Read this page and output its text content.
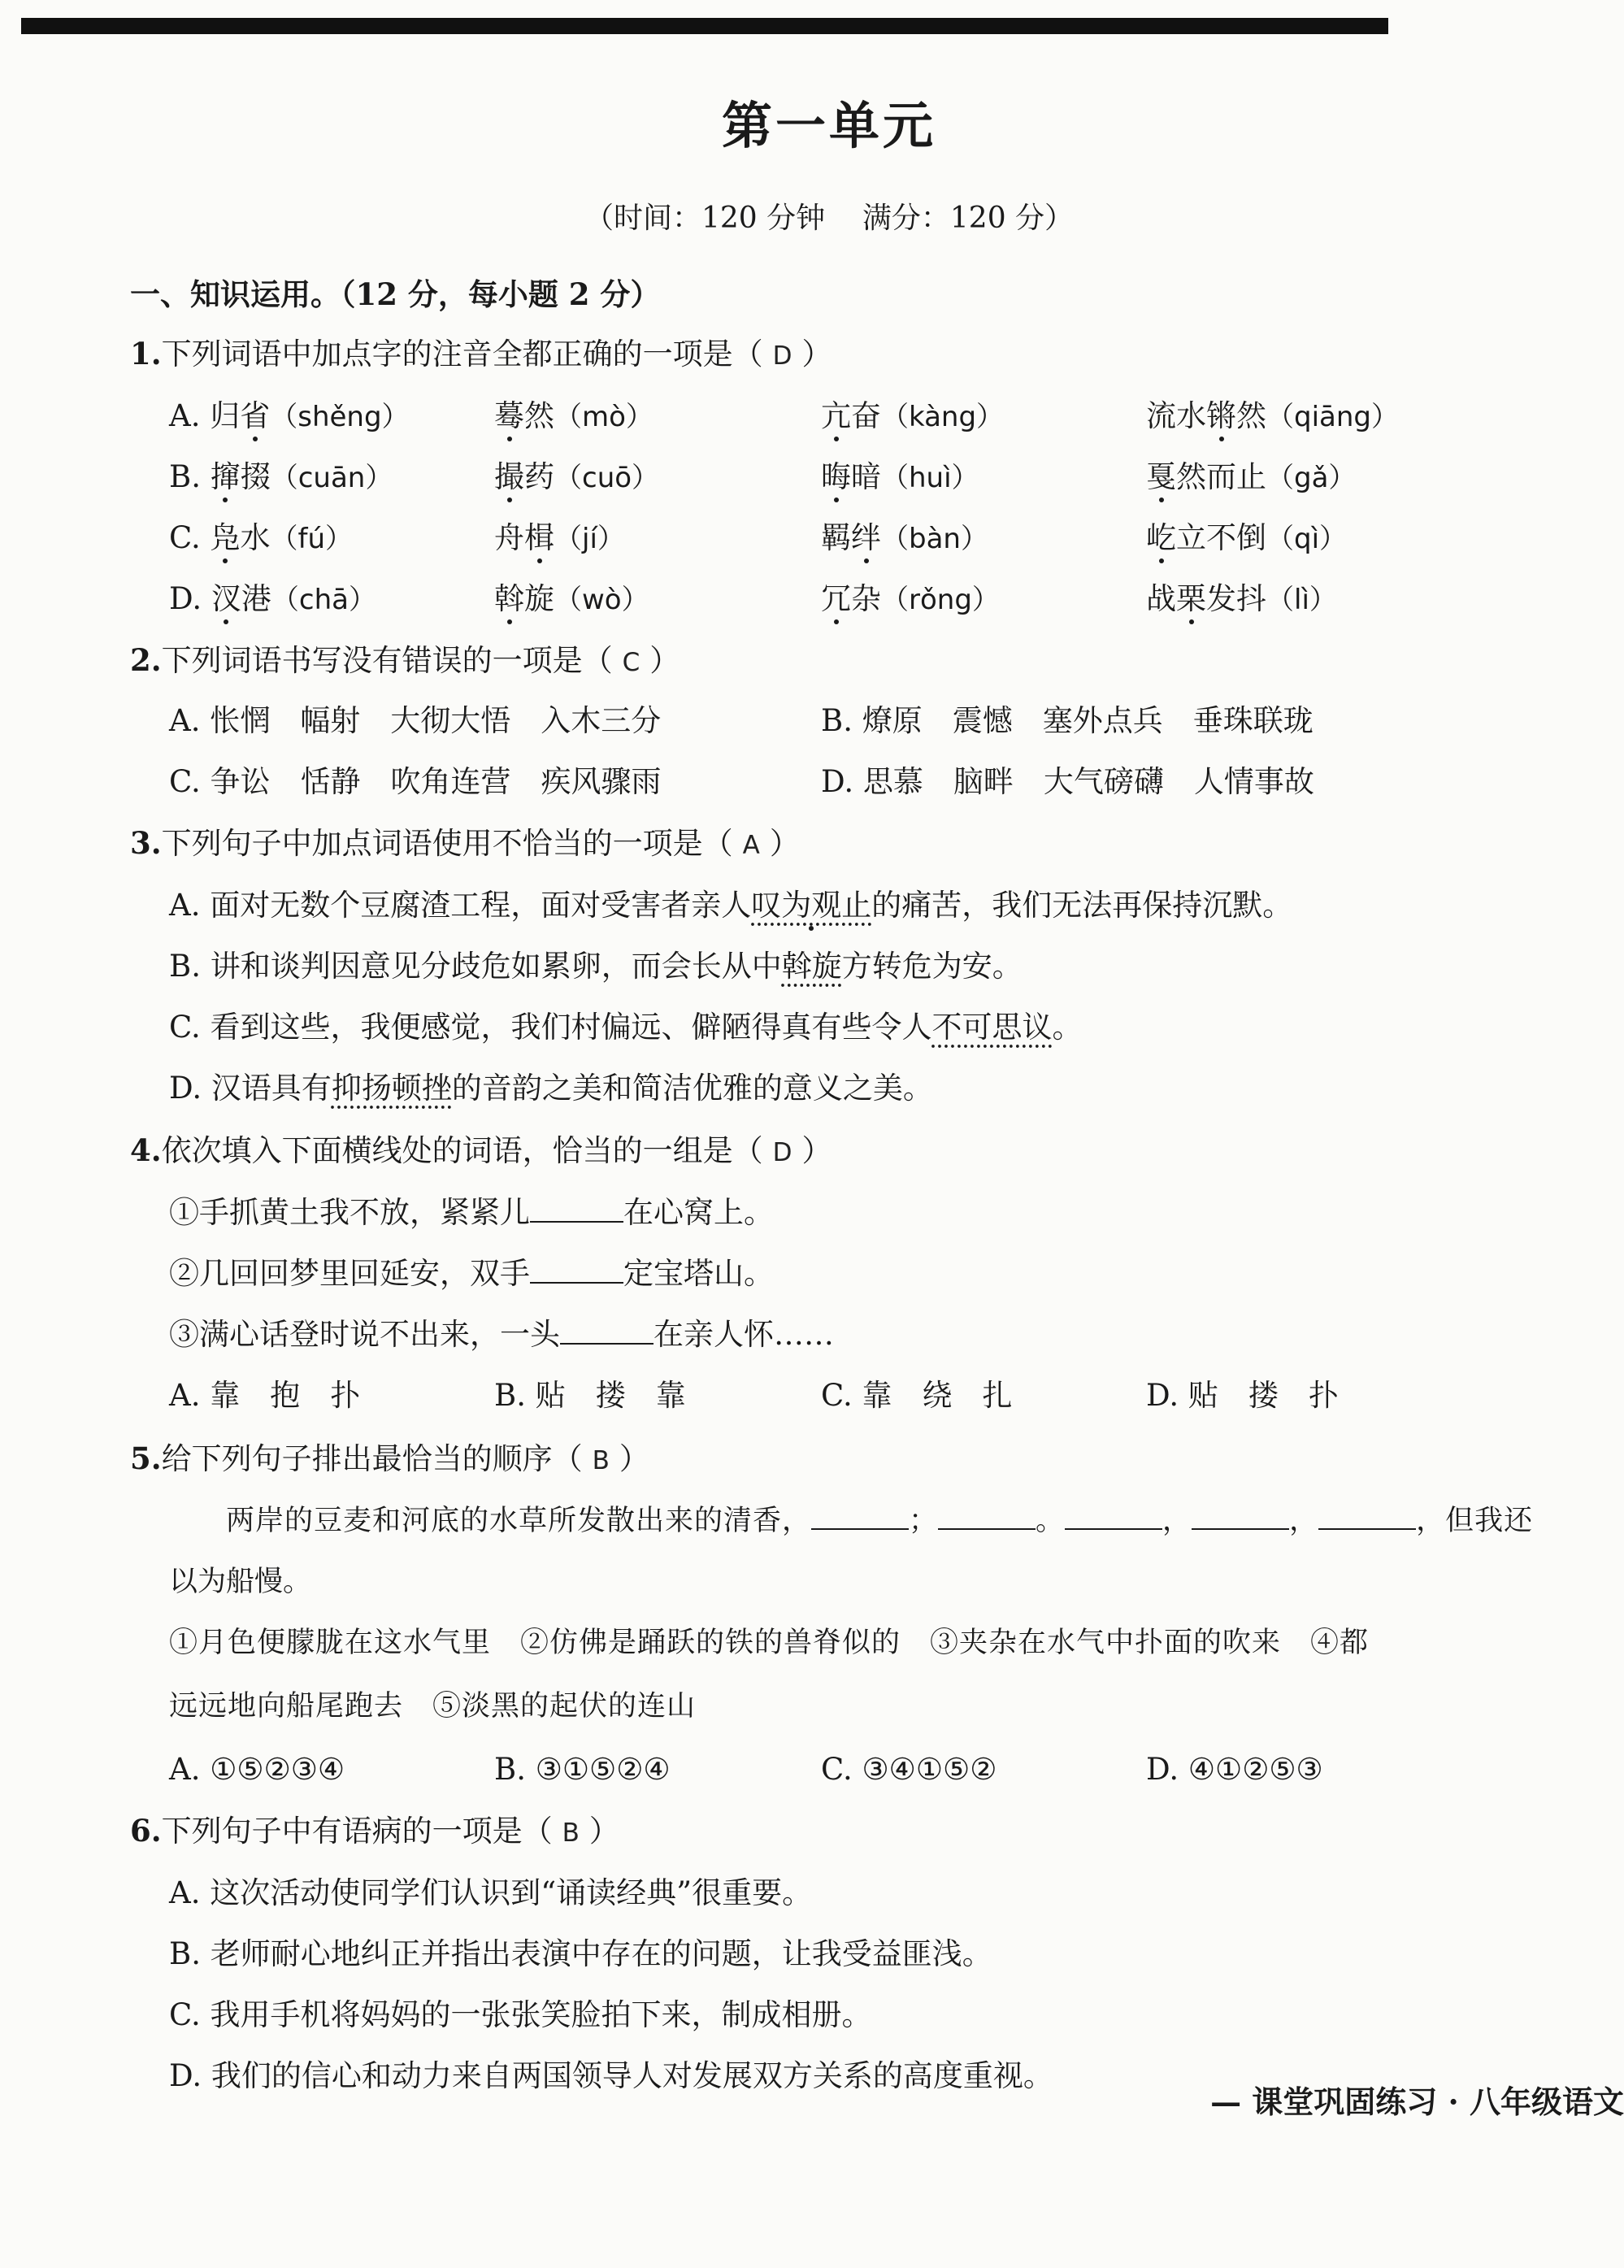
第一单元
（时间：120 分钟    满分：120 分）
一、知识运用。（12 分，每小题 2 分）
1.下列词语中加点字的注音全都正确的一项是（ D ）
A. 归省（shěng）	蓦然（mò）	亢奋（kàng）	流水锵然（qiāng）
B. 撺掇（cuān）	撮药（cuō）	晦暗（huì）	戛然而止（gǎ）
C. 凫水（fú）	舟楫（jí）	羁绊（bàn）	屹立不倒（qì）
D. 汊港（chā）	斡旋（wò）	冗杂（rǒng）	战栗发抖（lì）
2.下列词语书写没有错误的一项是（ C ）
A. 怅惘　幅射　大彻大悟　入木三分	B. 燎原　震憾　塞外点兵　垂珠联珑
C. 争讼　恬静　吹角连营　疾风骤雨	D. 思慕　脑畔　大气磅礴　人情事故
3.下列句子中加点词语使用不恰当的一项是（ A ）
A. 面对无数个豆腐渣工程，面对受害者亲人叹为观止的痛苦，我们无法再保持沉默。
B. 讲和谈判因意见分歧危如累卵，而会长从中斡旋方转危为安。
C. 看到这些，我便感觉，我们村偏远、僻陋得真有些令人不可思议。
D. 汉语具有抑扬顿挫的音韵之美和简洁优雅的意义之美。
4.依次填入下面横线处的词语，恰当的一组是（ D ）
①手抓黄土我不放，紧紧儿	在心窝上。
②几回回梦里回延安，双手	定宝塔山。
③满心话登时说不出来，一头	在亲人怀……
A. 靠　抱　扑	B. 贴　搂　靠	C. 靠　绕　扎	D. 贴　搂　扑
5.给下列句子排出最恰当的顺序（ B ）
两岸的豆麦和河底的水草所发散出来的清香，	；	。	，	，	，但我还
以为船慢。
①月色便朦胧在这水气里　②仿佛是踊跃的铁的兽脊似的　③夹杂在水气中扑面的吹来　④都
远远地向船尾跑去　⑤淡黑的起伏的连山
A. ①⑤②③④	B. ③①⑤②④	C. ③④①⑤②	D. ④①②⑤③
6.下列句子中有语病的一项是（ B ）
A. 这次活动使同学们认识到“诵读经典”很重要。
B. 老师耐心地纠正并指出表演中存在的问题，让我受益匪浅。
C. 我用手机将妈妈的一张张笑脸拍下来，制成相册。
D. 我们的信心和动力来自两国领导人对发展双方关系的高度重视。
— 课堂巩固练习 · 八年级语文
